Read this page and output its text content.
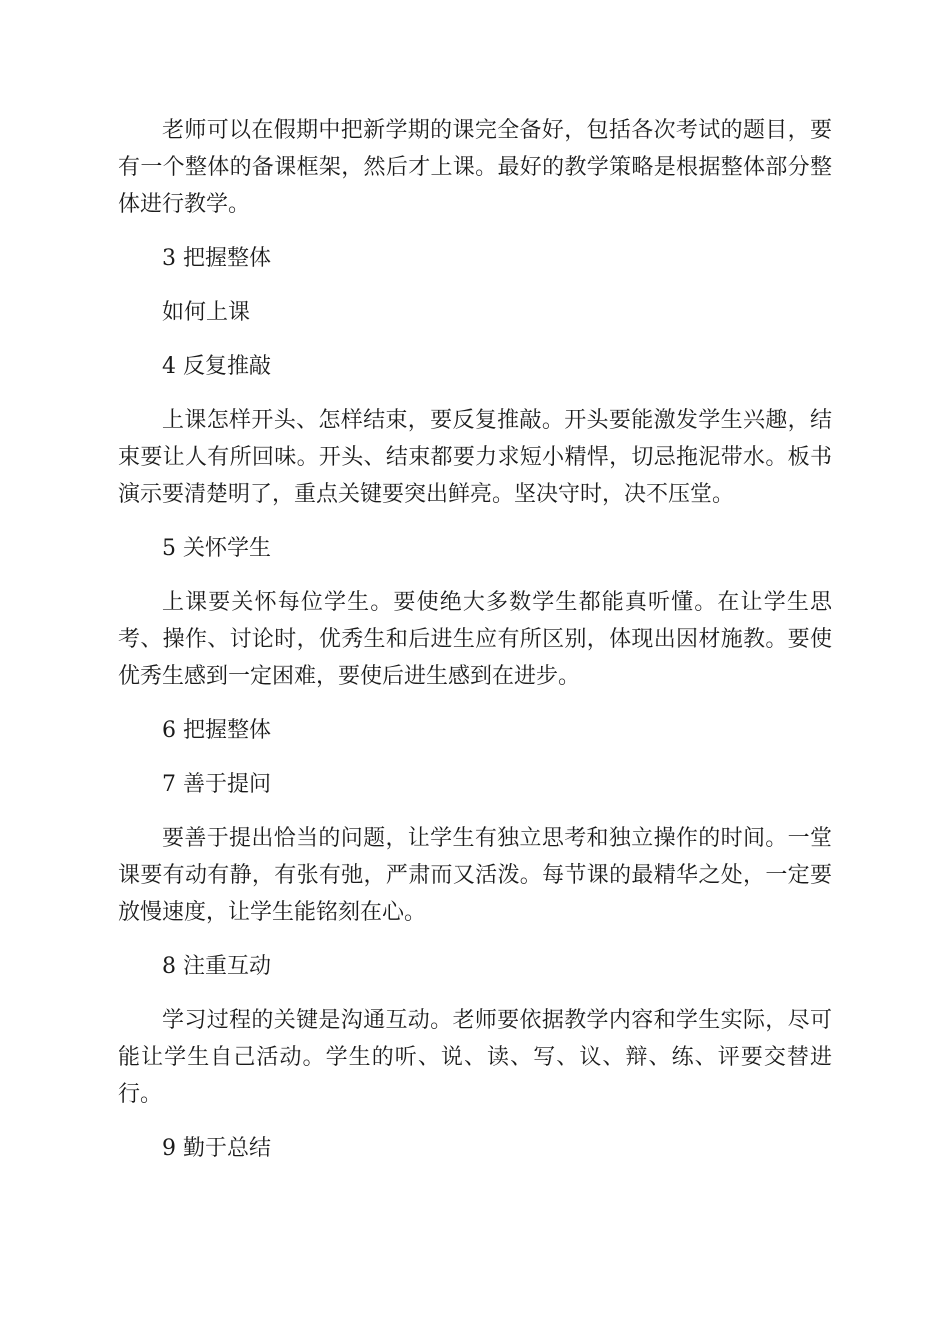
老师可以在假期中把新学期的课完全备好，包括各次考试的题目，要有一个整体的备课框架，然后才上课。最好的教学策略是根据整体部分整体进行教学。

3 把握整体

如何上课

4 反复推敲

上课怎样开头、怎样结束，要反复推敲。开头要能激发学生兴趣，结束要让人有所回味。开头、结束都要力求短小精悍，切忌拖泥带水。板书演示要清楚明了，重点关键要突出鲜亮。坚决守时，决不压堂。

5 关怀学生

上课要关怀每位学生。要使绝大多数学生都能真听懂。在让学生思考、操作、讨论时，优秀生和后进生应有所区别，体现出因材施教。要使优秀生感到一定困难，要使后进生感到在进步。

6 把握整体

7 善于提问

要善于提出恰当的问题，让学生有独立思考和独立操作的时间。一堂课要有动有静，有张有弛，严肃而又活泼。每节课的最精华之处，一定要放慢速度，让学生能铭刻在心。

8 注重互动

学习过程的关键是沟通互动。老师要依据教学内容和学生实际，尽可能让学生自己活动。学生的听、说、读、写、议、辩、练、评要交替进行。

9 勤于总结
